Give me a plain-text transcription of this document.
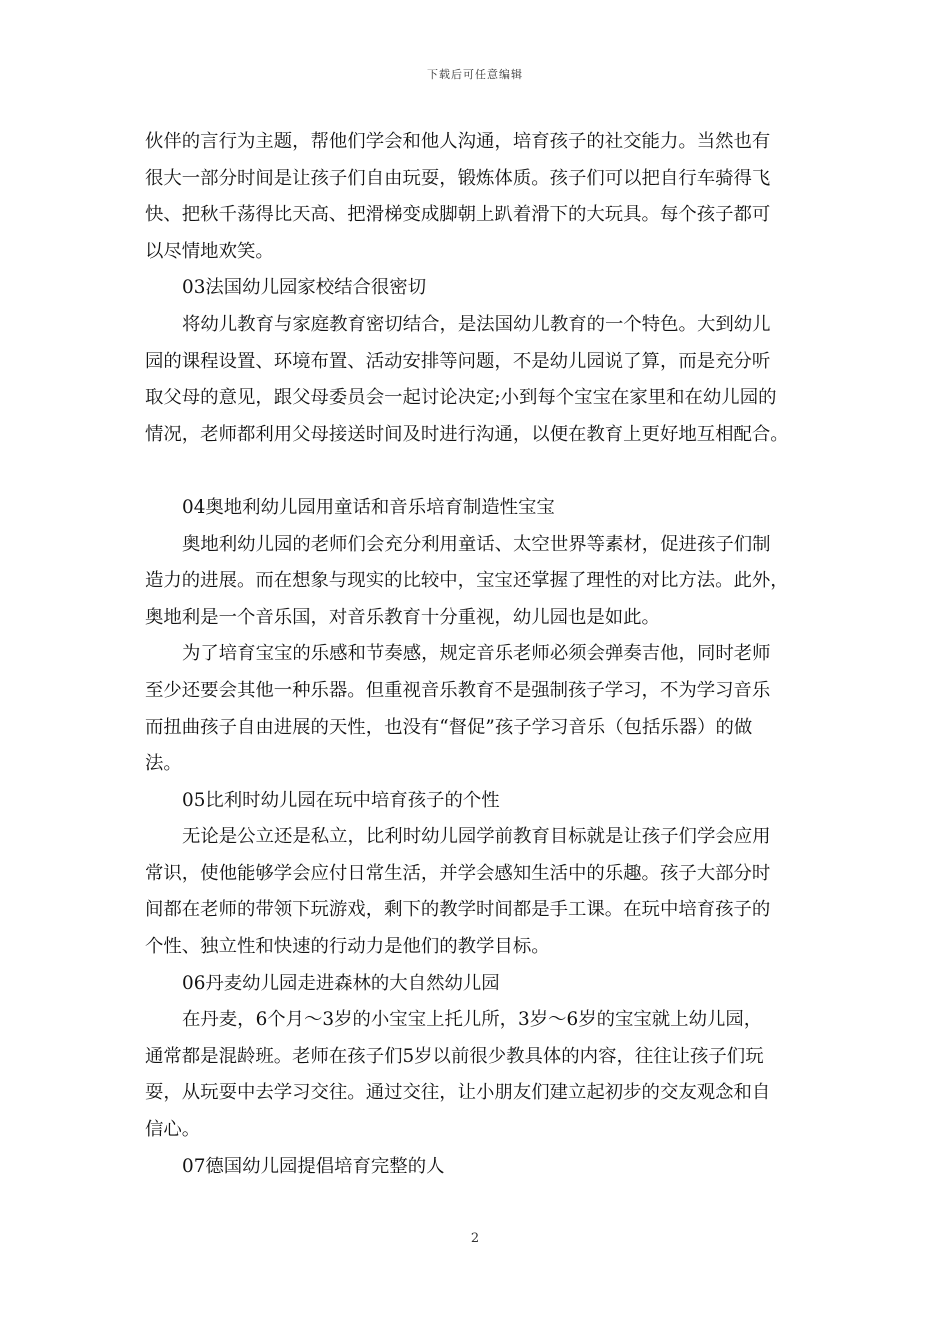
下载后可任意编辑
伙伴的言行为主题，帮他们学会和他人沟通，培育孩子的社交能力。当然也有
很大一部分时间是让孩子们自由玩耍，锻炼体质。孩子们可以把自行车骑得飞
快、把秋千荡得比天高、把滑梯变成脚朝上趴着滑下的大玩具。每个孩子都可
以尽情地欢笑。
03法国幼儿园家校结合很密切
将幼儿教育与家庭教育密切结合，是法国幼儿教育的一个特色。大到幼儿
园的课程设置、环境布置、活动安排等问题，不是幼儿园说了算，而是充分听
取父母的意见，跟父母委员会一起讨论决定;小到每个宝宝在家里和在幼儿园的
情况，老师都利用父母接送时间及时进行沟通，以便在教育上更好地互相配合。
04奥地利幼儿园用童话和音乐培育制造性宝宝
奥地利幼儿园的老师们会充分利用童话、太空世界等素材，促进孩子们制
造力的进展。而在想象与现实的比较中，宝宝还掌握了理性的对比方法。此外，
奥地利是一个音乐国，对音乐教育十分重视，幼儿园也是如此。
为了培育宝宝的乐感和节奏感，规定音乐老师必须会弹奏吉他，同时老师
至少还要会其他一种乐器。但重视音乐教育不是强制孩子学习，不为学习音乐
而扭曲孩子自由进展的天性，也没有“督促”孩子学习音乐（包括乐器）的做
法。
05比利时幼儿园在玩中培育孩子的个性
无论是公立还是私立，比利时幼儿园学前教育目标就是让孩子们学会应用
常识，使他能够学会应付日常生活，并学会感知生活中的乐趣。孩子大部分时
间都在老师的带领下玩游戏，剩下的教学时间都是手工课。在玩中培育孩子的
个性、独立性和快速的行动力是他们的教学目标。
06丹麦幼儿园走进森林的大自然幼儿园
在丹麦，6个月～3岁的小宝宝上托儿所，3岁～6岁的宝宝就上幼儿园，
通常都是混龄班。老师在孩子们5岁以前很少教具体的内容，往往让孩子们玩
耍，从玩耍中去学习交往。通过交往，让小朋友们建立起初步的交友观念和自
信心。
07德国幼儿园提倡培育完整的人
2
